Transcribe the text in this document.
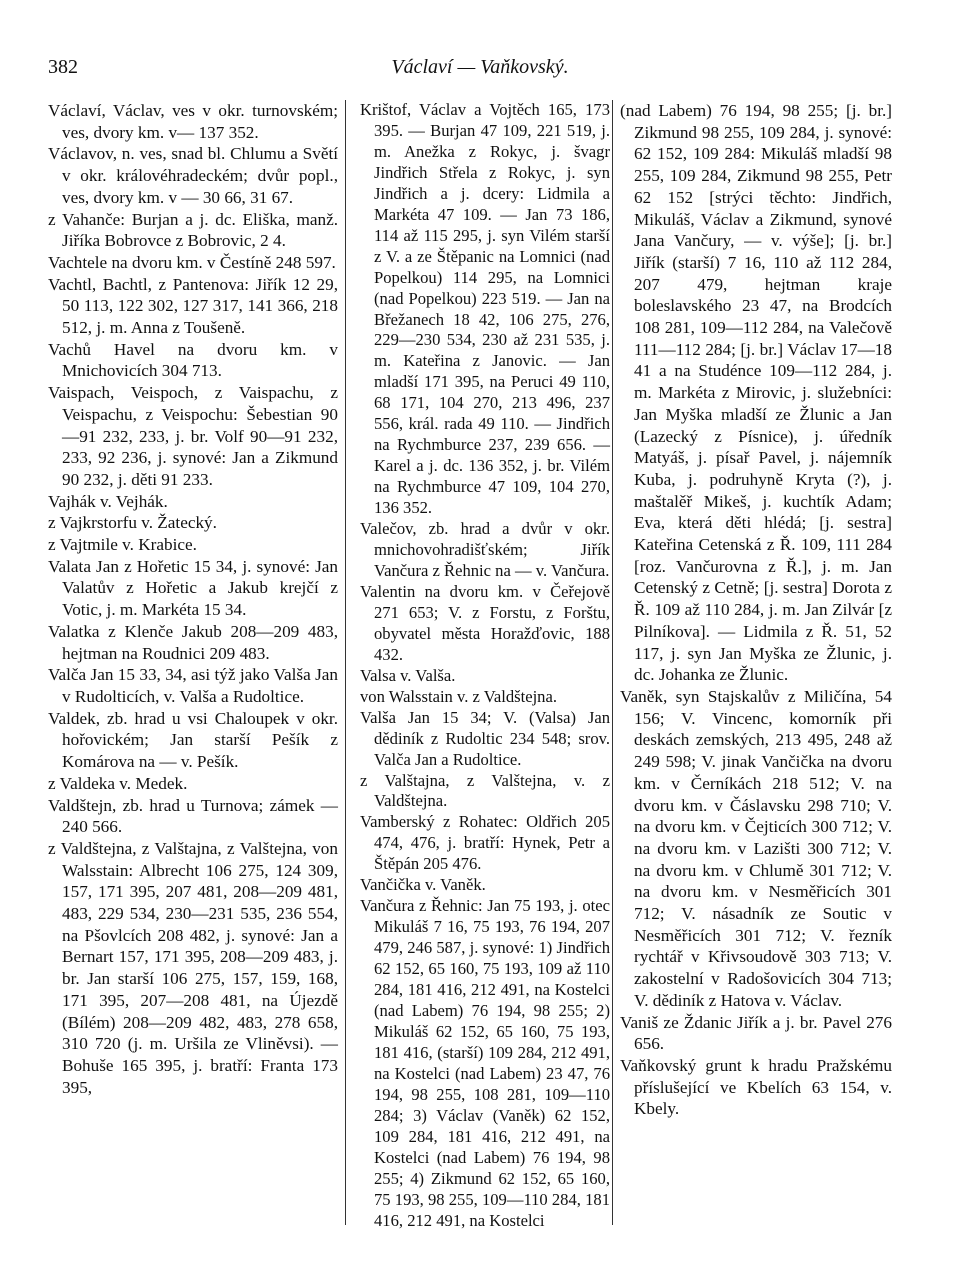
382	Václaví — Vaňkovský.

Václaví, Václav, ves v okr. turnovském; ves, dvory km. v— 137 352.

Václavov, n. ves, snad bl. Chlumu a Světí v okr. královéhradeckém; dvůr popl., ves, dvory km. v — 30 66, 31 67.

z Vahanče: Burjan a j. dc. Eliška, manž. Jiříka Bobrovce z Bobrovic, 2 4.

Vachtele na dvoru km. v Čestíně 248 597.

Vachtl, Bachtl, z Pantenova: Jiřík 12 29, 50 113, 122 302, 127 317, 141 366, 218 512, j. m. Anna z Toušeně.

Vachů Havel na dvoru km. v Mnichovicích 304 713.

Vaispach, Veispoch, z Vaispachu, z Veispachu, z Veispochu: Šebestian 90—91 232, 233, j. br. Volf 90—91 232, 233, 92 236, j. synové: Jan a Zikmund 90 232, j. děti 91 233.

Vajhák v. Vejhák.

z Vajkrstorfu v. Žatecký.

z Vajtmile v. Krabice.

Valata Jan z Hořetic 15 34, j. synové: Jan Valatův z Hořetic a Jakub krejčí z Votic, j. m. Markéta 15 34.

Valatka z Klenče Jakub 208—209 483, hejtman na Roudnici 209 483.

Valča Jan 15 33, 34, asi týž jako Valša Jan v Rudolticích, v. Valša a Rudoltice.

Valdek, zb. hrad u vsi Chaloupek v okr. hořovickém; Jan starší Pešík z Komárova na — v. Pešík.

z Valdeka v. Medek.

Valdštejn, zb. hrad u Turnova; zámek — 240 566.

z Valdštejna, z Valštajna, z Valštejna, von Walsstain: Albrecht 106 275, 124 309, 157, 171 395, 207 481, 208—209 481, 483, 229 534, 230—231 535, 236 554, na Pšovlcích 208 482, j. synové: Jan a Bernart 157, 171 395, 208—209 483, j. br. Jan starší 106 275, 157, 159, 168, 171 395, 207—208 481, na Újezdě (Bílém) 208—209 482, 483, 278 658, 310 720 (j. m. Uršila ze Vliněvsi). — Bohuše 165 395, j. bratří: Franta 173 395,

Krištof, Václav a Vojtěch 165, 173 395. — Burjan 47 109, 221 519, j. m. Anežka z Rokyc, j. švagr Jindřich Střela z Rokyc, j. syn Jindřich a j. dcery: Lidmila a Markéta 47 109. — Jan 73 186, 114 až 115 295, j. syn Vilém starší z V. a ze Štěpanic na Lomnici (nad Popelkou) 114 295, na Lomnici (nad Popelkou) 223 519. — Jan na Břežanech 18 42, 106 275, 276, 229—230 534, 230 až 231 535, j. m. Kateřina z Janovic. — Jan mladší 171 395, na Peruci 49 110, 68 171, 104 270, 213 496, 237 556, král. rada 49 110. — Jindřich na Rychmburce 237, 239 656. — Karel a j. dc. 136 352, j. br. Vilém na Rychmburce 47 109, 104 270, 136 352.

Valečov, zb. hrad a dvůr v okr. mnichovohradišťském; Jiřík Vančura z Řehnic na — v. Vančura.

Valentin na dvoru km. v Čeřejově 271 653; V. z Forstu, z Forštu, obyvatel města Horažďovic, 188 432.

Valsa v. Valša.

von Walsstain v. z Valdštejna.

Valša Jan 15 34; V. (Valsa) Jan dědiník z Rudoltic 234 548; srov. Valča Jan a Rudoltice.

z Valštajna, z Valštejna, v. z Valdštejna.

Vamberský z Rohatec: Oldřich 205 474, 476, j. bratří: Hynek, Petr a Štěpán 205 476.

Vančička v. Vaněk.

Vančura z Řehnic: Jan 75 193, j. otec Mikuláš 7 16, 75 193, 76 194, 207 479, 246 587, j. synové: 1) Jindřich 62 152, 65 160, 75 193, 109 až 110 284, 181 416, 212 491, na Kostelci (nad Labem) 76 194, 98 255; 2) Mikuláš 62 152, 65 160, 75 193, 181 416, (starší) 109 284, 212 491, na Kostelci (nad Labem) 23 47, 76 194, 98 255, 108 281, 109—110 284; 3) Václav (Vaněk) 62 152, 109 284, 181 416, 212 491, na Kostelci (nad Labem) 76 194, 98 255; 4) Zikmund 62 152, 65 160, 75 193, 98 255, 109—110 284, 181 416, 212 491, na Kostelci

(nad Labem) 76 194, 98 255; [j. br.] Zikmund 98 255, 109 284, j. synové: 62 152, 109 284: Mikuláš mladší 98 255, 109 284, Zikmund 98 255, Petr 62 152 [strýci těchto: Jindřich, Mikuláš, Václav a Zikmund, synové Jana Vančury, — v. výše]; [j. br.] Jiřík (starší) 7 16, 110 až 112 284, 207 479, hejtman kraje boleslavského 23 47, na Brodcích 108 281, 109—112 284, na Valečově 111—112 284; [j. br.] Václav 17—18 41 a na Studénce 109—112 284, j. m. Markéta z Mirovic, j. služebníci: Jan Myška mladší ze Žlunic a Jan (Lazecký z Písnice), j. úředník Matyáš, j. písař Pavel, j. nájemník Kuba, j. podruhyně Kryta (?), j. maštalěř Mikeš, j. kuchtík Adam; Eva, která děti hlédá; [j. sestra] Kateřina Cetenská z Ř. 109, 111 284 [roz. Vančurovna z Ř.], j. m. Jan Cetenský z Cetně; [j. sestra] Dorota z Ř. 109 až 110 284, j. m. Jan Zilvár [z Pilníkova]. — Lidmila z Ř. 51, 52 117, j. syn Jan Myška ze Žlunic, j. dc. Johanka ze Žlunic.

Vaněk, syn Stajskalův z Miličína, 54 156; V. Vincenc, komorník při deskách zemských, 213 495, 248 až 249 598; V. jinak Vančička na dvoru km. v Černíkách 218 512; V. na dvoru km. v Čáslavsku 298 710; V. na dvoru km. v Čejticích 300 712; V. na dvoru km. v Lazišti 300 712; V. na dvoru km. v Chlumě 301 712; V. na dvoru km. v Nesměřicích 301 712; V. násadník ze Soutic v Nesměřicích 301 712; V. řezník rychtář v Křivsoudově 303 713; V. zakostelní v Radošovicích 304 713; V. dědiník z Hatova v. Václav.

Vaniš ze Ždanic Jiřík a j. br. Pavel 276 656.

Vaňkovský grunt k hradu Pražskému příslušející ve Kbelích 63 154, v. Kbely.
